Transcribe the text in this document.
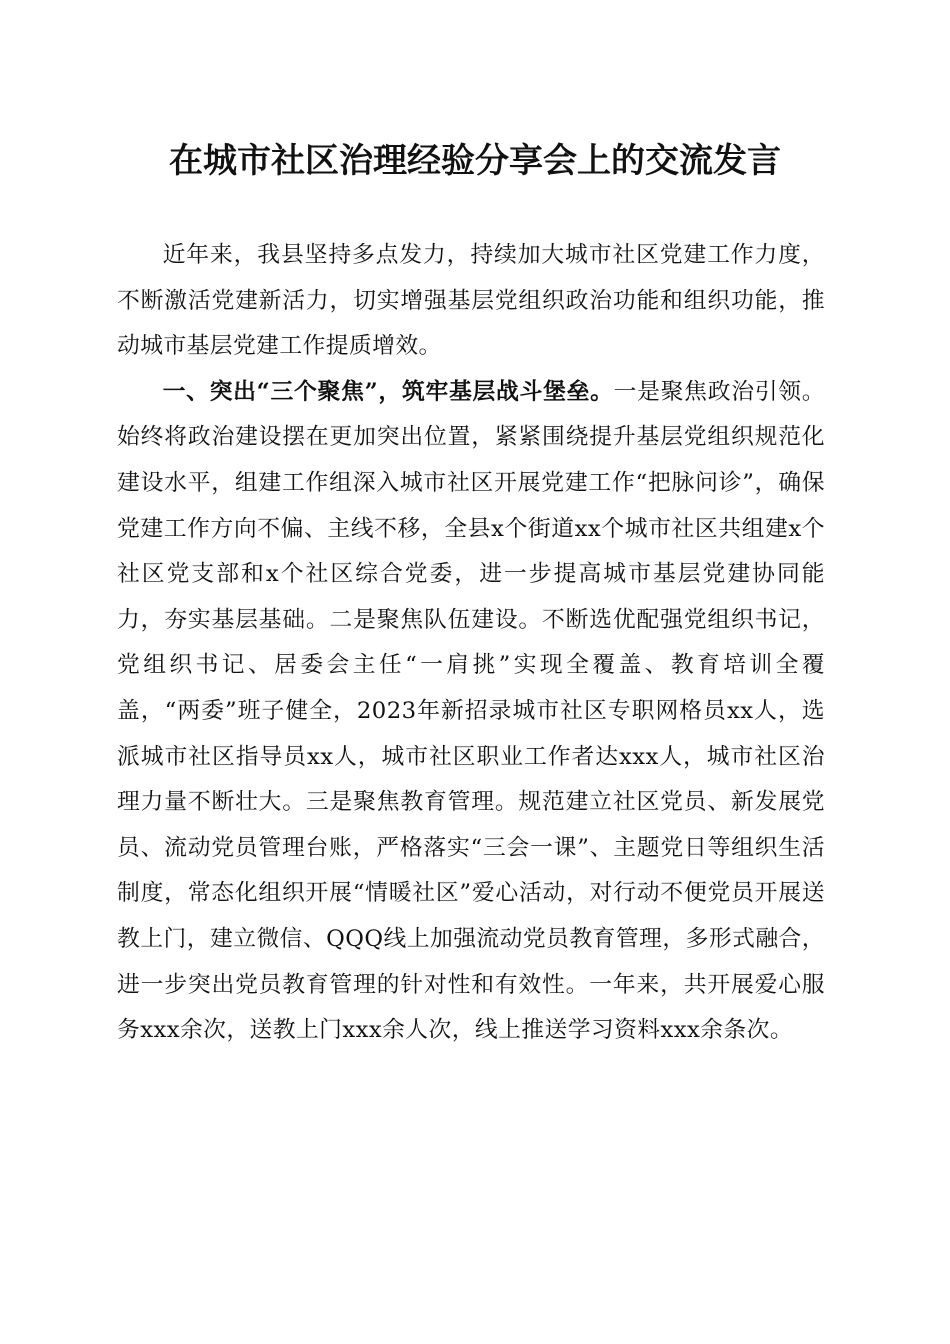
在城市社区治理经验分享会上的交流发言

近年来，我县坚持多点发力，持续加大城市社区党建工作力度，不断激活党建新活力，切实增强基层党组织政治功能和组织功能，推动城市基层党建工作提质增效。

一、突出“三个聚焦”，筑牢基层战斗堡垒。一是聚焦政治引领。始终将政治建设摆在更加突出位置，紧紧围绕提升基层党组织规范化建设水平，组建工作组深入城市社区开展党建工作“把脉问诊”，确保党建工作方向不偏、主线不移，全县x个街道xx个城市社区共组建x个社区党支部和x个社区综合党委，进一步提高城市基层党建协同能力，夯实基层基础。二是聚焦队伍建设。不断选优配强党组织书记，党组织书记、居委会主任“一肩挑”实现全覆盖、教育培训全覆盖，“两委”班子健全，2023年新招录城市社区专职网格员xx人，选派城市社区指导员xx人，城市社区职业工作者达xxx人，城市社区治理力量不断壮大。三是聚焦教育管理。规范建立社区党员、新发展党员、流动党员管理台账，严格落实“三会一课”、主题党日等组织生活制度，常态化组织开展“情暖社区”爱心活动，对行动不便党员开展送教上门，建立微信、QQQ线上加强流动党员教育管理，多形式融合，进一步突出党员教育管理的针对性和有效性。一年来，共开展爱心服务xxx余次，送教上门xxx余人次，线上推送学习资料xxx余条次。
